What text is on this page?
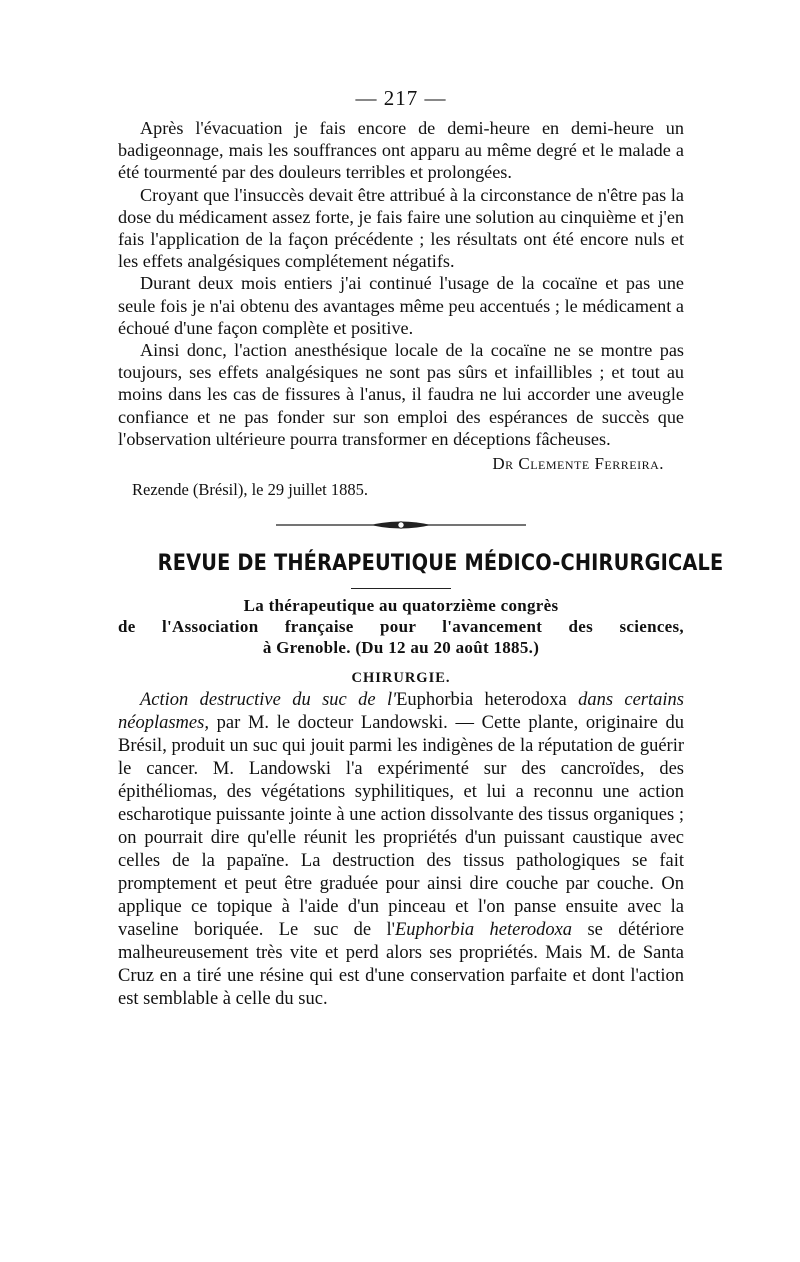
— 217 —

Après l'évacuation je fais encore de demi-heure en demi-heure un badigeonnage, mais les souffrances ont apparu au même degré et le malade a été tourmenté par des douleurs terribles et prolongées.

Croyant que l'insuccès devait être attribué à la circonstance de n'être pas la dose du médicament assez forte, je fais faire une solution au cinquième et j'en fais l'application de la façon précédente ; les résultats ont été encore nuls et les effets analgésiques complétement négatifs.

Durant deux mois entiers j'ai continué l'usage de la cocaïne et pas une seule fois je n'ai obtenu des avantages même peu accentués ; le médicament a échoué d'une façon complète et positive.

Ainsi donc, l'action anesthésique locale de la cocaïne ne se montre pas toujours, ses effets analgésiques ne sont pas sûrs et infaillibles ; et tout au moins dans les cas de fissures à l'anus, il faudra ne lui accorder une aveugle confiance et ne pas fonder sur son emploi des espérances de succès que l'observation ultérieure pourra transformer en déceptions fâcheuses.

Dr Clemente Ferreira.
Rezende (Brésil), le 29 juillet 1885.
REVUE DE THÉRAPEUTIQUE MÉDICO-CHIRURGICALE
La thérapeutique au quatorzième congrès

de l'Association française pour l'avancement des sciences,
à Grenoble. (Du 12 au 20 août 1885.)
CHIRURGIE.

Action destructive du suc de l'Euphorbia heterodoxa dans certains néoplasmes, par M. le docteur Landowski. — Cette plante, originaire du Brésil, produit un suc qui jouit parmi les indigènes de la réputation de guérir le cancer. M. Landowski l'a expérimenté sur des cancroïdes, des épithéliomas, des végétations syphilitiques, et lui a reconnu une action escharotique puissante jointe à une action dissolvante des tissus organiques ; on pourrait dire qu'elle réunit les propriétés d'un puissant caustique avec celles de la papaïne. La destruction des tissus pathologiques se fait promptement et peut être graduée pour ainsi dire couche par couche. On applique ce topique à l'aide d'un pinceau et l'on panse ensuite avec la vaseline boriquée. Le suc de l'Euphorbia heterodoxa se détériore malheureusement très vite et perd alors ses propriétés. Mais M. de Santa Cruz en a tiré une résine qui est d'une conservation parfaite et dont l'action est semblable à celle du suc.
